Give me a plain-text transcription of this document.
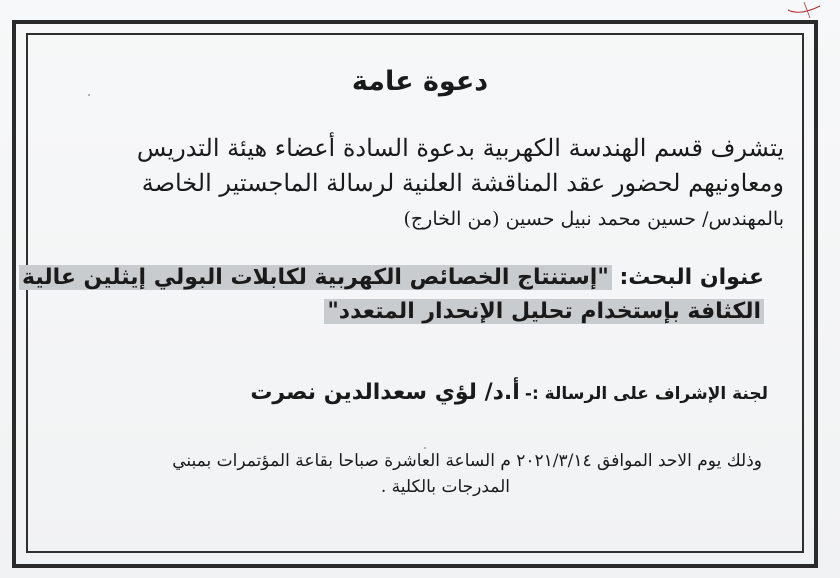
دعوة عامة
يتشرف قسم الهندسة الكهربية بدعوة السادة أعضاء هيئة التدريس
ومعاونيهم لحضور عقد المناقشة العلنية لرسالة الماجستير الخاصة
بالمهندس/ حسين محمد نبيل حسين (من الخارج)
عنوان البحث: "إستنتاج الخصائص الكهربية لكابلات البولي إيثلين عالية
الكثافة بإستخدام تحليل الإنحدار المتعدد"
لجنة الإشراف على الرسالة :- أ.د/ لؤي سعدالدين نصرت
وذلك يوم الاحد الموافق ٢٠٢١/٣/١٤ م الساعة العاشرة صباحا بقاعة المؤتمرات بمبني
المدرجات بالكلية .
